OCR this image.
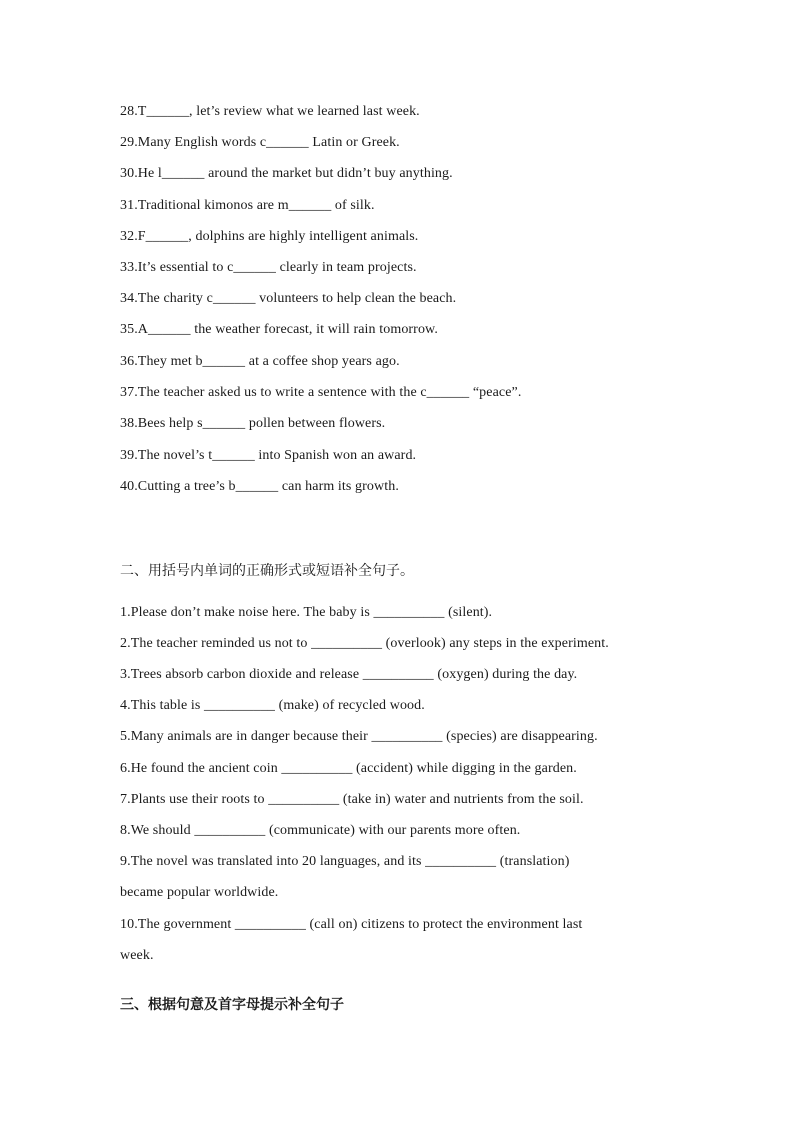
28.T______, let’s review what we learned last week.
29.Many English words c______ Latin or Greek.
30.He l______ around the market but didn’t buy anything.
31.Traditional kimonos are m______ of silk.
32.F______, dolphins are highly intelligent animals.
33.It’s essential to c______ clearly in team projects.
34.The charity c______ volunteers to help clean the beach.
35.A______ the weather forecast, it will rain tomorrow.
36.They met b______ at a coffee shop years ago.
37.The teacher asked us to write a sentence with the c______ “peace”.
38.Bees help s______ pollen between flowers.
39.The novel’s t______ into Spanish won an award.
40.Cutting a tree’s b______ can harm its growth.
二、用括号内单词的正确形式或短语补全句子。
1.Please don’t make noise here. The baby is __________ (silent).
2.The teacher reminded us not to __________ (overlook) any steps in the experiment.
3.Trees absorb carbon dioxide and release __________ (oxygen) during the day.
4.This table is __________ (make) of recycled wood.
5.Many animals are in danger because their __________ (species) are disappearing.
6.He found the ancient coin __________ (accident) while digging in the garden.
7.Plants use their roots to __________ (take in) water and nutrients from the soil.
8.We should __________ (communicate) with our parents more often.
9.The novel was translated into 20 languages, and its __________ (translation)
became popular worldwide.
10.The government __________ (call on) citizens to protect the environment last
week.
三、根据句意及首字母提示补全句子
